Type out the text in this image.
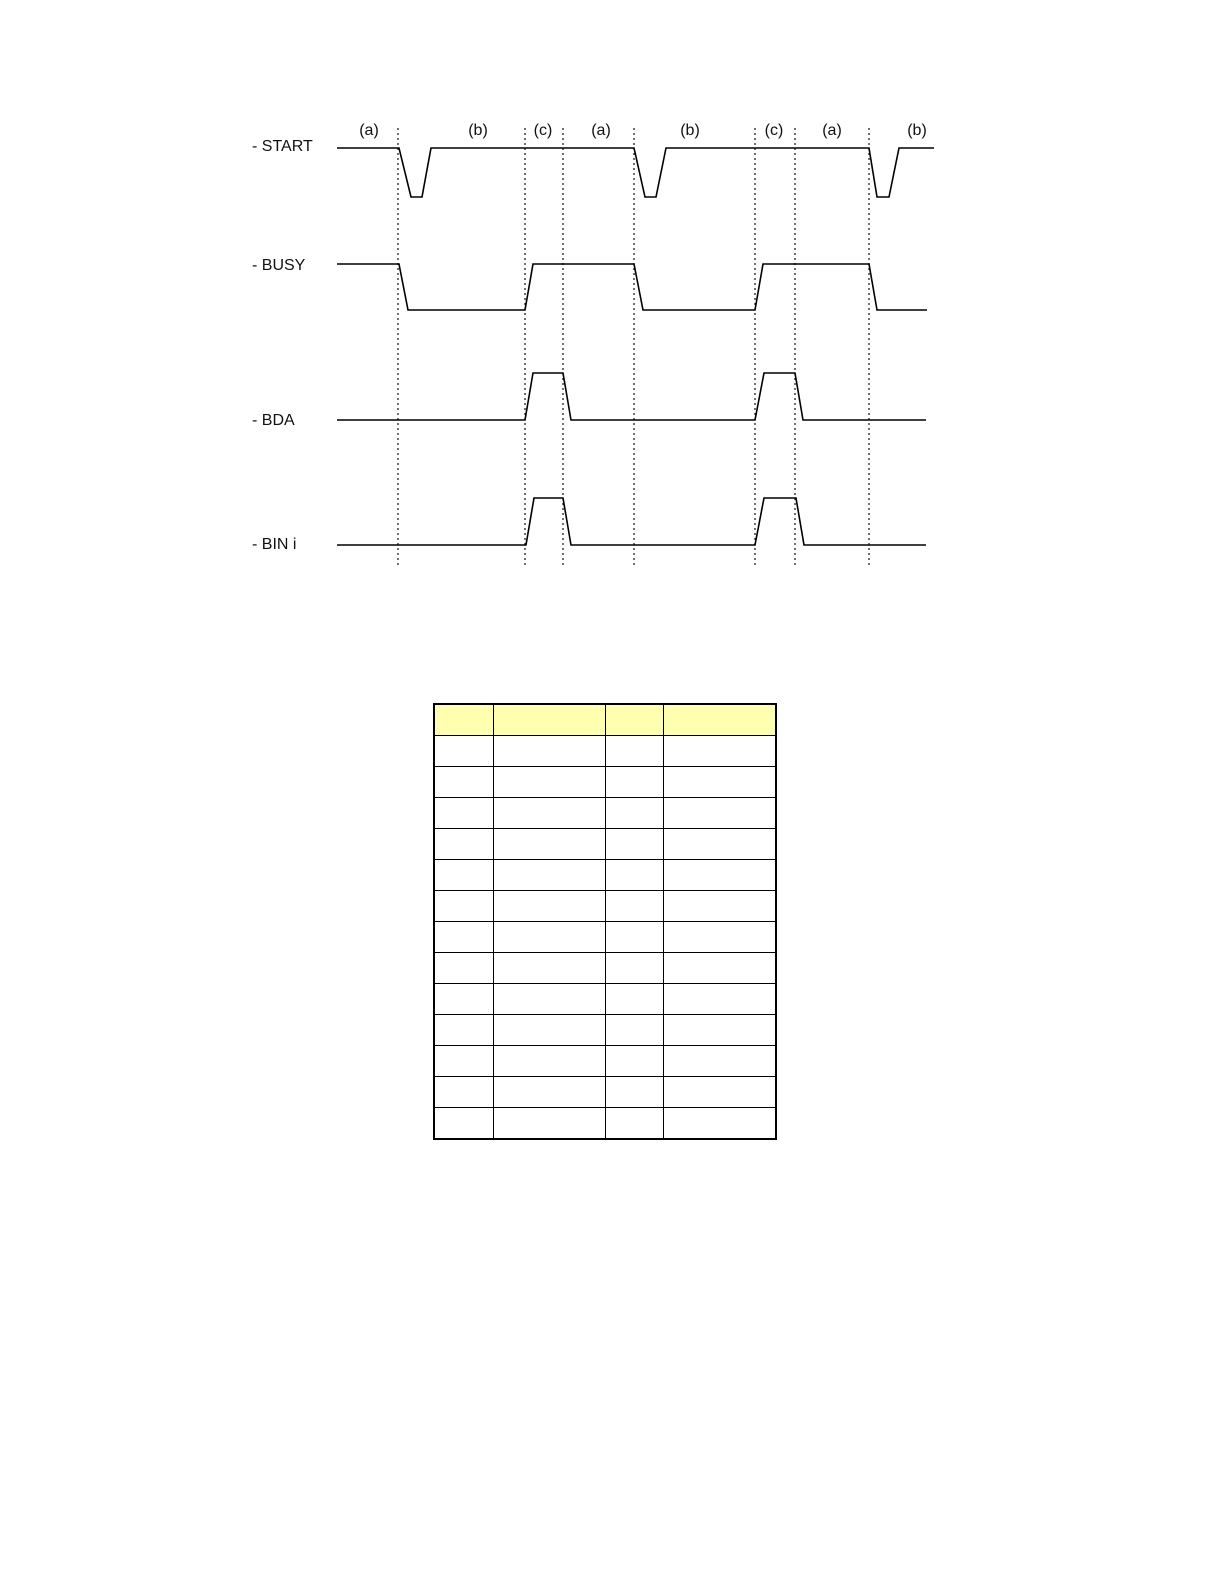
(a)	(b)	(c) (a)	(b)	(c) (a)	(b)
- START
- BUSY
- BDA
- BIN i
